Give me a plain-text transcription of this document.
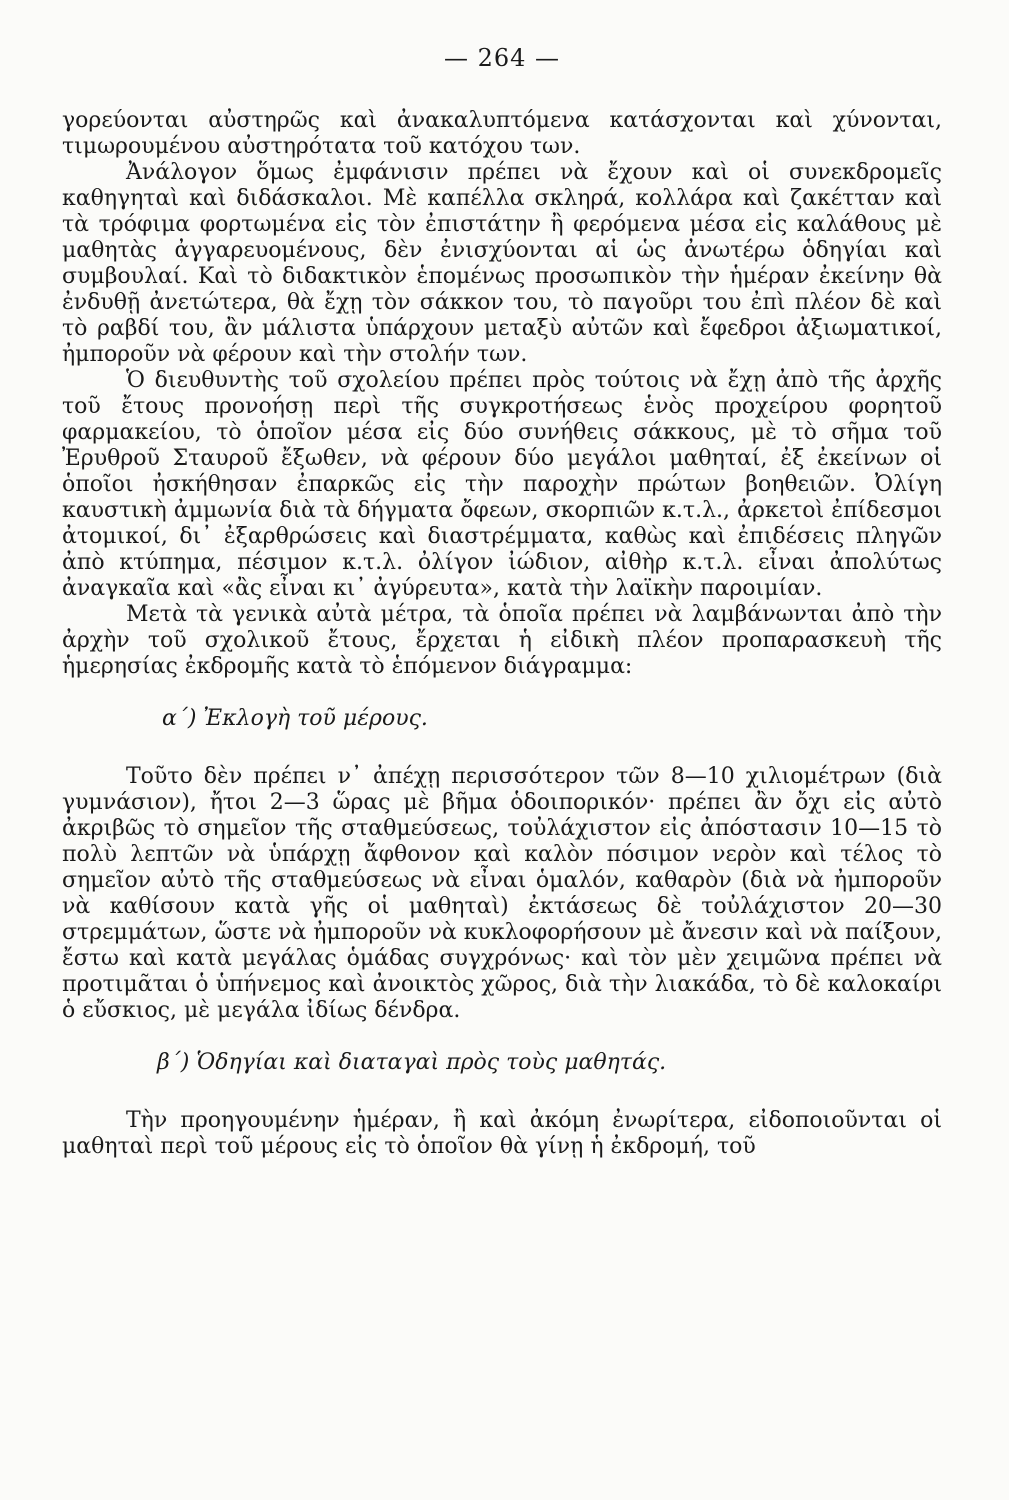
— 264 —

γορεύονται αὐστηρῶς καὶ ἀνακαλυπτόμενα κατάσχονται καὶ χύνονται, τιμωρουμένου αὐστηρότατα τοῦ κατόχου των.

Ἀνάλογον ὅμως ἐμφάνισιν πρέπει νὰ ἔχουν καὶ οἱ συνεκδρομεῖς καθηγηταὶ καὶ διδάσκαλοι. Μὲ καπέλλα σκληρά, κολλάρα καὶ ζακέτταν καὶ τὰ τρόφιμα φορτωμένα εἰς τὸν ἐπιστάτην ἢ φερόμενα μέσα εἰς καλάθους μὲ μαθητὰς ἀγγαρευομένους, δὲν ἐνισχύονται αἱ ὡς ἀνωτέρω ὁδηγίαι καὶ συμβουλαί. Καὶ τὸ διδακτικὸν ἑπομένως προσωπικὸν τὴν ἡμέραν ἐκείνην θὰ ἐνδυθῇ ἀνετώτερα, θὰ ἔχῃ τὸν σάκκον του, τὸ παγοῦρι του ἐπὶ πλέον δὲ καὶ τὸ ραβδί του, ἂν μάλιστα ὑπάρχουν μεταξὺ αὐτῶν καὶ ἔφεδροι ἀξιωματικοί, ἠμποροῦν νὰ φέρουν καὶ τὴν στολήν των.

Ὁ διευθυντὴς τοῦ σχολείου πρέπει πρὸς τούτοις νὰ ἔχῃ ἀπὸ τῆς ἀρχῆς τοῦ ἔτους προνοήσῃ περὶ τῆς συγκροτήσεως ἑνὸς προχείρου φορητοῦ φαρμακείου, τὸ ὁποῖον μέσα εἰς δύο συνήθεις σάκκους, μὲ τὸ σῆμα τοῦ Ἐρυθροῦ Σταυροῦ ἔξωθεν, νὰ φέρουν δύο μεγάλοι μαθηταί, ἐξ ἐκείνων οἱ ὁποῖοι ἠσκήθησαν ἐπαρκῶς εἰς τὴν παροχὴν πρώτων βοηθειῶν. Ὀλίγη καυστικὴ ἀμμωνία διὰ τὰ δήγματα ὄφεων, σκορπιῶν κ.τ.λ., ἀρκετοὶ ἐπίδεσμοι ἀτομικοί, δι᾿ ἐξαρθρώσεις καὶ διαστρέμματα, καθὼς καὶ ἐπιδέσεις πληγῶν ἀπὸ κτύπημα, πέσιμον κ.τ.λ. ὀλίγον ἰώδιον, αἰθὴρ κ.τ.λ. εἶναι ἀπολύτως ἀναγκαῖα καὶ «ἂς εἶναι κι᾿ ἀγύρευτα», κατὰ τὴν λαϊκὴν παροιμίαν.

Μετὰ τὰ γενικὰ αὐτὰ μέτρα, τὰ ὁποῖα πρέπει νὰ λαμβάνωνται ἀπὸ τὴν ἀρχὴν τοῦ σχολικοῦ ἔτους, ἔρχεται ἡ εἰδικὴ πλέον προπαρασκευὴ τῆς ἡμερησίας ἐκδρομῆς κατὰ τὸ ἑπόμενον διάγραμμα:

α´) Ἐκλογὴ τοῦ μέρους.

Τοῦτο δὲν πρέπει ν᾿ ἀπέχῃ περισσότερον τῶν 8—10 χιλιομέτρων (διὰ γυμνάσιον), ἤτοι 2—3 ὥρας μὲ βῆμα ὁδοιπορικόν· πρέπει ἂν ὄχι εἰς αὐτὸ ἀκριβῶς τὸ σημεῖον τῆς σταθμεύσεως, τοὐλάχιστον εἰς ἀπόστασιν 10—15 τὸ πολὺ λεπτῶν νὰ ὑπάρχῃ ἄφθονον καὶ καλὸν πόσιμον νερὸν καὶ τέλος τὸ σημεῖον αὐτὸ τῆς σταθμεύσεως νὰ εἶναι ὁμαλόν, καθαρὸν (διὰ νὰ ἠμποροῦν νὰ καθίσουν κατὰ γῆς οἱ μαθηταὶ) ἐκτάσεως δὲ τοὐλάχιστον 20—30 στρεμμάτων, ὥστε νὰ ἠμποροῦν νὰ κυκλοφορήσουν μὲ ἄνεσιν καὶ νὰ παίξουν, ἔστω καὶ κατὰ μεγάλας ὁμάδας συγχρόνως· καὶ τὸν μὲν χειμῶνα πρέπει νὰ προτιμᾶται ὁ ὑπήνεμος καὶ ἀνοικτὸς χῶρος, διὰ τὴν λιακάδα, τὸ δὲ καλοκαίρι ὁ εὔσκιος, μὲ μεγάλα ἰδίως δένδρα.

β´) Ὁδηγίαι καὶ διαταγαὶ πρὸς τοὺς μαθητάς.

Τὴν προηγουμένην ἡμέραν, ἢ καὶ ἀκόμη ἐνωρίτερα, εἰδοποιοῦνται οἱ μαθηταὶ περὶ τοῦ μέρους εἰς τὸ ὁποῖον θὰ γίνῃ ἡ ἐκδρομή, τοῦ
